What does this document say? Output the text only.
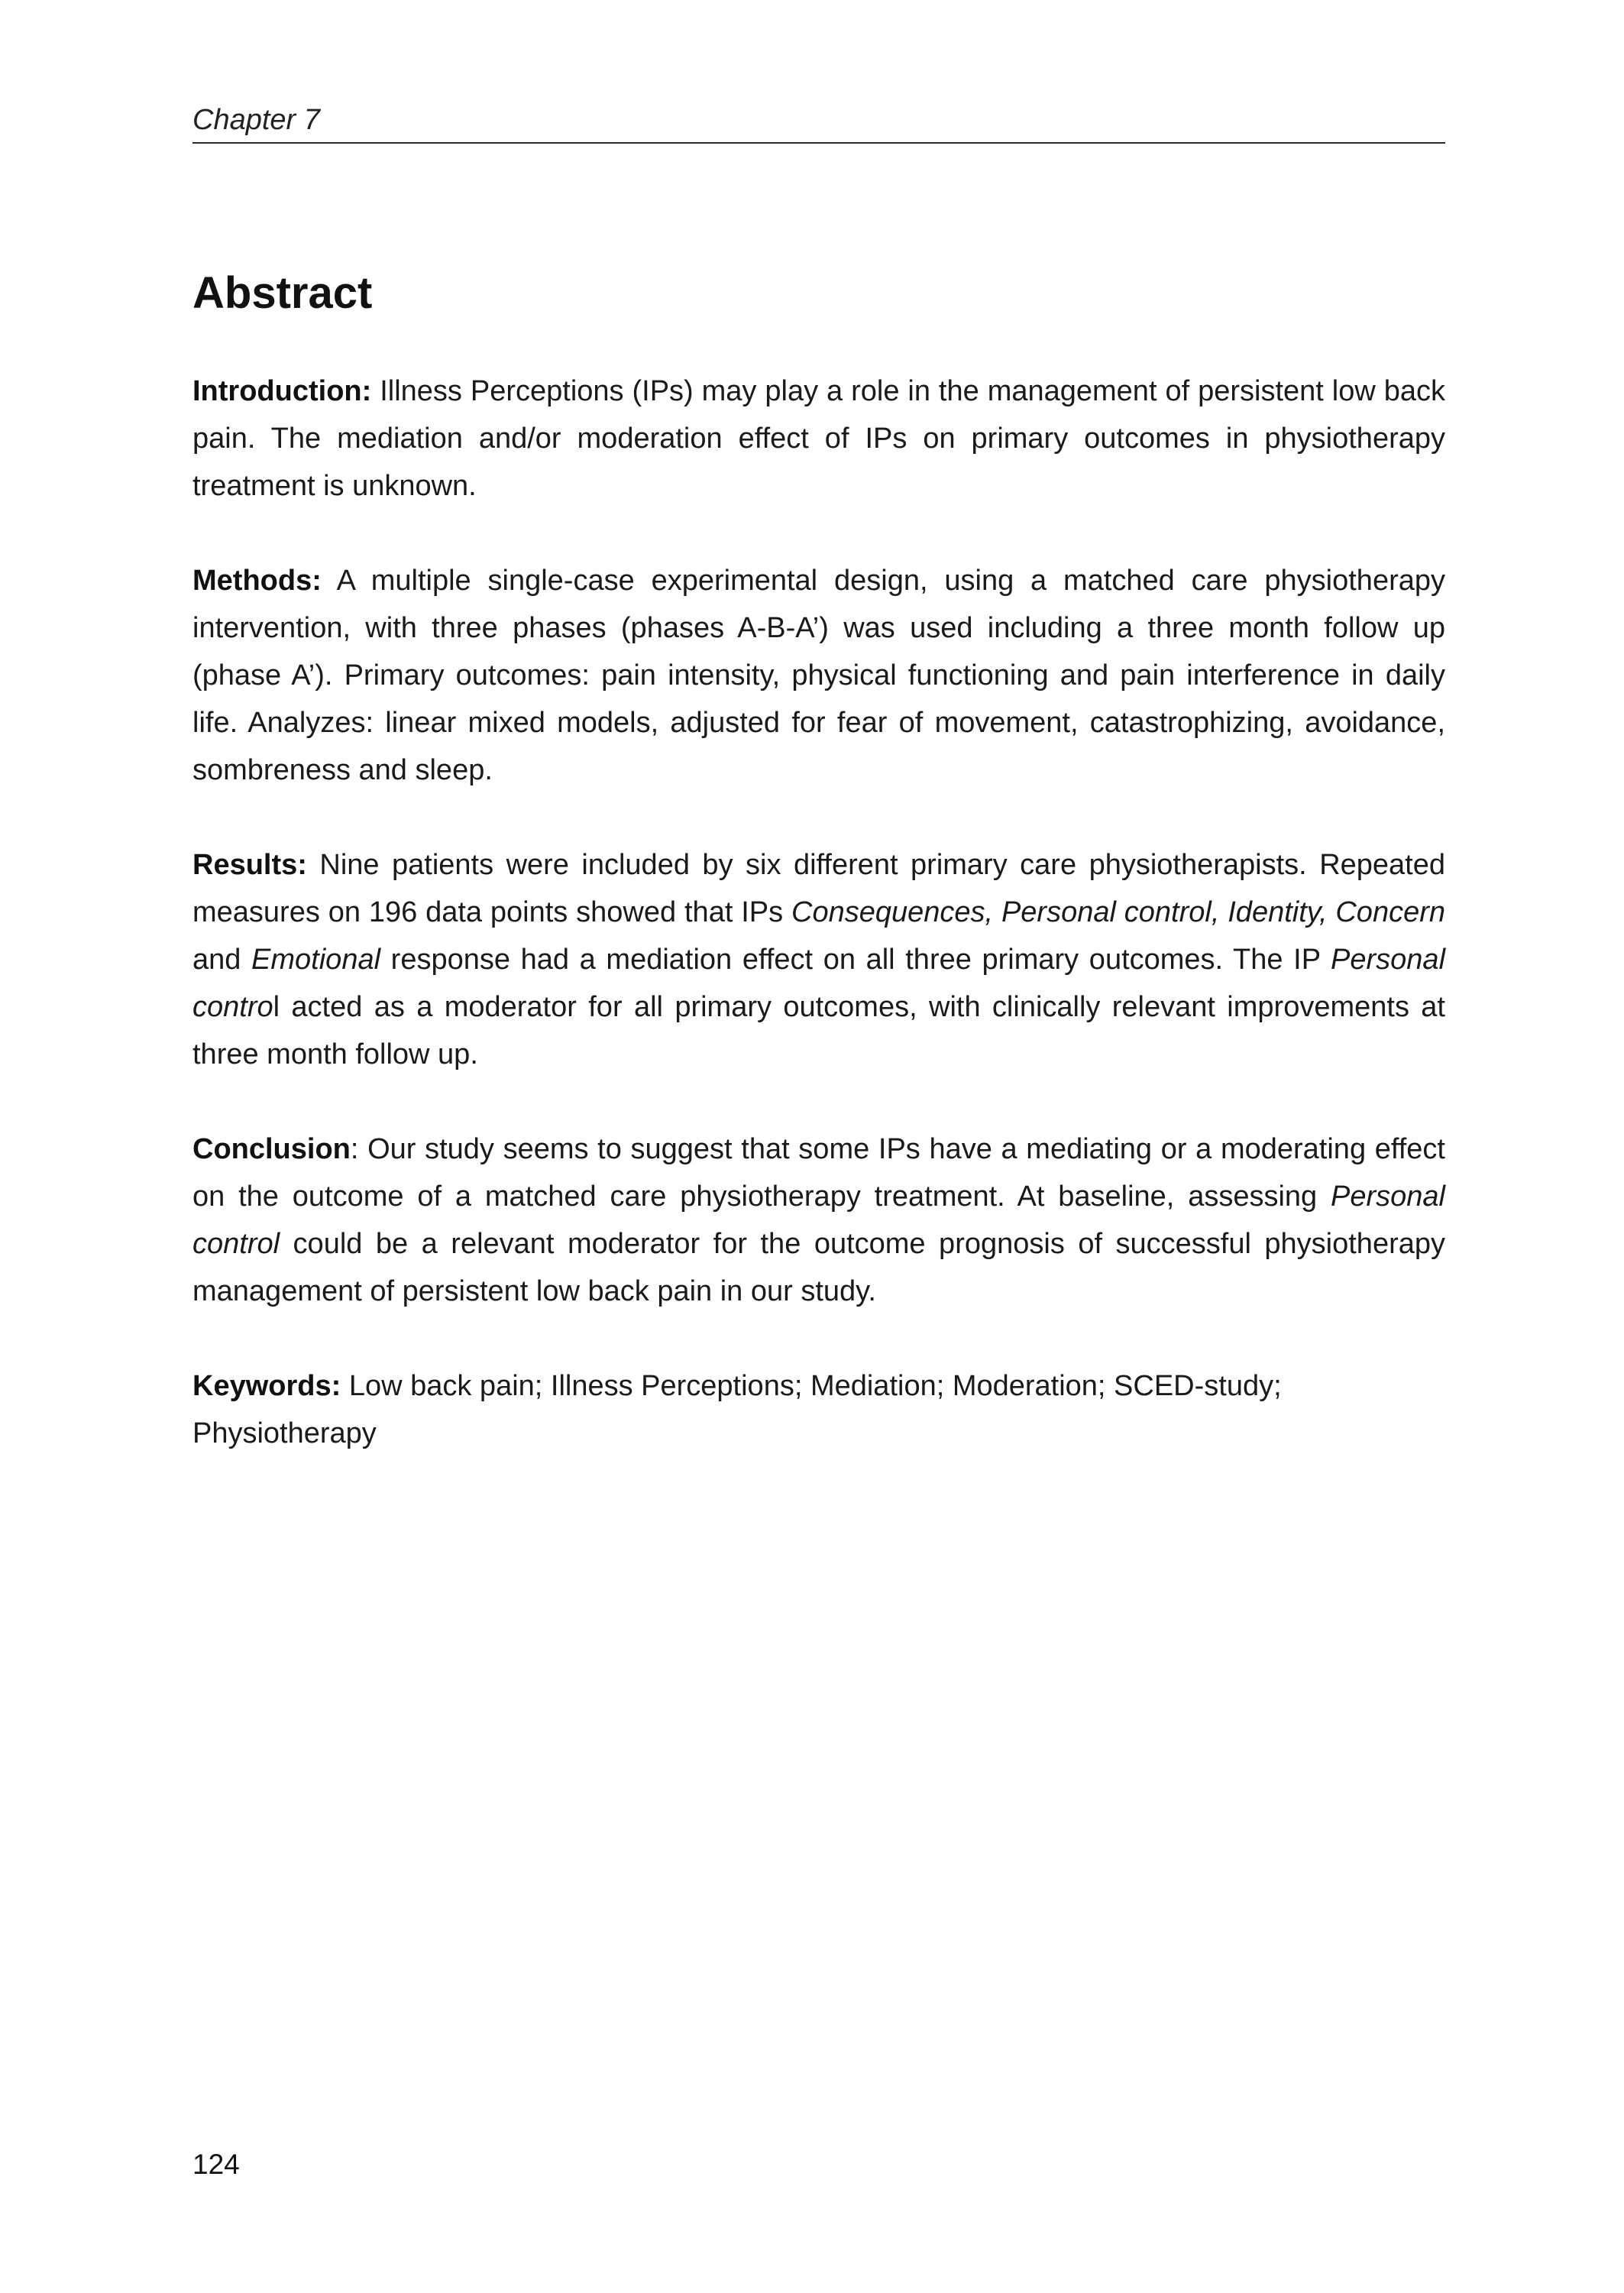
Chapter 7
Abstract

Introduction: Illness Perceptions (IPs) may play a role in the management of persistent low back pain. The mediation and/or moderation effect of IPs on primary outcomes in physiotherapy treatment is unknown.

Methods: A multiple single-case experimental design, using a matched care physiotherapy intervention, with three phases (phases A-B-A’) was used including a three month follow up (phase A’). Primary outcomes: pain intensity, physical functioning and pain interference in daily life. Analyzes: linear mixed models, adjusted for fear of movement, catastrophizing, avoidance, sombreness and sleep.

Results: Nine patients were included by six different primary care physiotherapists. Repeated measures on 196 data points showed that IPs Consequences, Personal control, Identity, Concern and Emotional response had a mediation effect on all three primary outcomes. The IP Personal control acted as a moderator for all primary outcomes, with clinically relevant improvements at three month follow up.

Conclusion: Our study seems to suggest that some IPs have a mediating or a moderating effect on the outcome of a matched care physiotherapy treatment. At baseline, assessing Personal control could be a relevant moderator for the outcome prognosis of successful physiotherapy management of persistent low back pain in our study.

Keywords: Low back pain; Illness Perceptions; Mediation; Moderation; SCED-study; Physiotherapy

124
